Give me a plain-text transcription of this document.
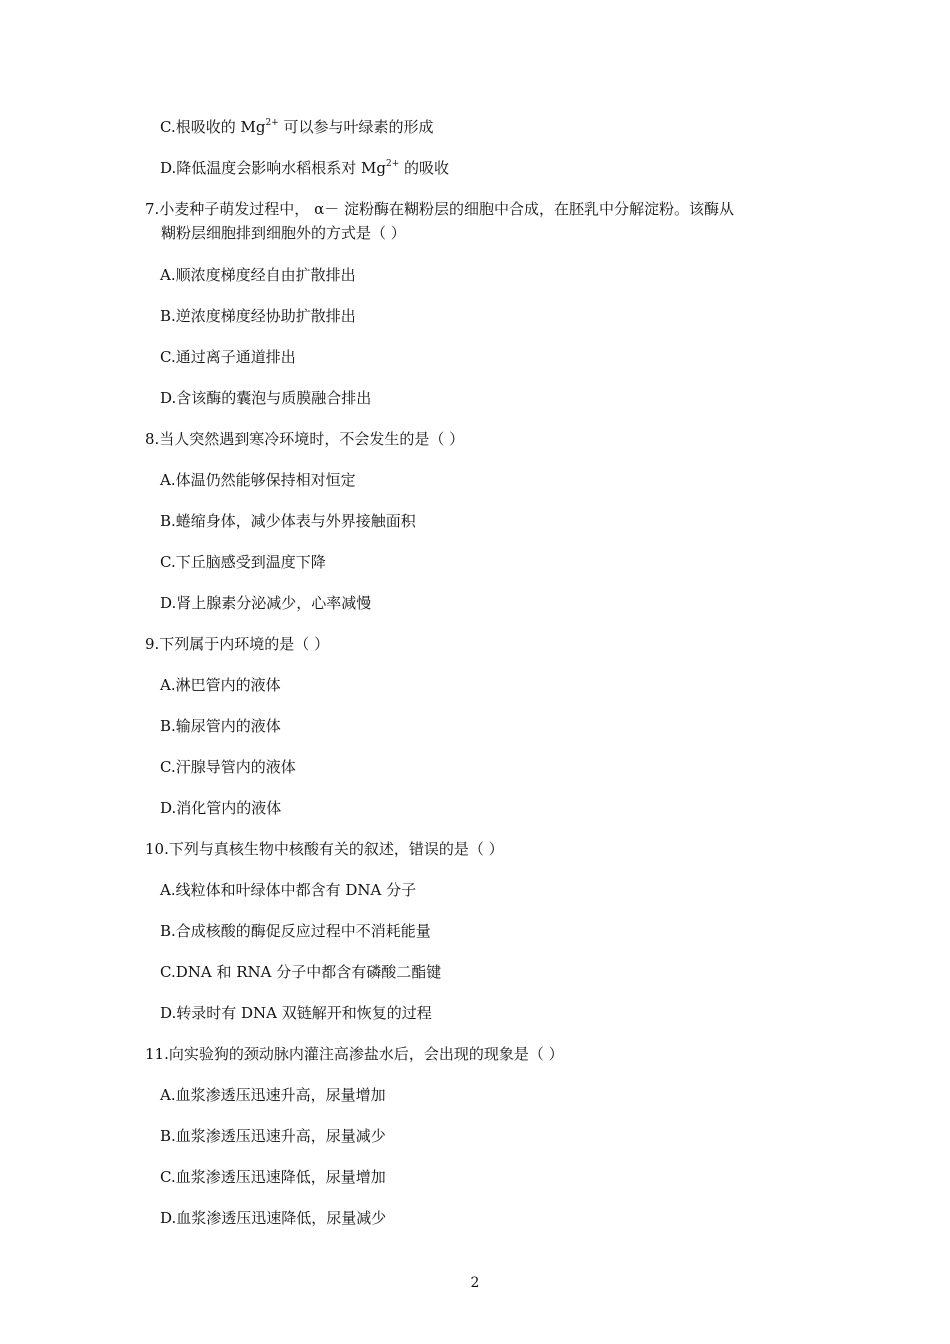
C.根吸收的 $Mg^{2+}$ 可以参与叶绿素的形成
D.降低温度会影响水稻根系对 $Mg^{2+}$ 的吸收
7.小麦种子萌发过程中， α－ 淀粉酶在糊粉层的细胞中合成，在胚乳中分解淀粉。该酶从
糊粉层细胞排到细胞外的方式是（ ）
A.顺浓度梯度经自由扩散排出
B.逆浓度梯度经协助扩散排出
C.通过离子通道排出
D.含该酶的囊泡与质膜融合排出
8.当人突然遇到寒冷环境时，不会发生的是（ ）
A.体温仍然能够保持相对恒定
B.蜷缩身体，减少体表与外界接触面积
C.下丘脑感受到温度下降
D.肾上腺素分泌减少，心率减慢
9.下列属于内环境的是（ ）
A.淋巴管内的液体
B.输尿管内的液体
C.汗腺导管内的液体
D.消化管内的液体
10.下列与真核生物中核酸有关的叙述，错误的是（ ）
A.线粒体和叶绿体中都含有 DNA 分子
B.合成核酸的酶促反应过程中不消耗能量
C.DNA 和 RNA 分子中都含有磷酸二酯键
D.转录时有 DNA 双链解开和恢复的过程
11.向实验狗的颈动脉内灌注高渗盐水后，会出现的现象是（ ）
A.血浆渗透压迅速升高，尿量增加
B.血浆渗透压迅速升高，尿量减少
C.血浆渗透压迅速降低，尿量增加
D.血浆渗透压迅速降低，尿量减少
2
